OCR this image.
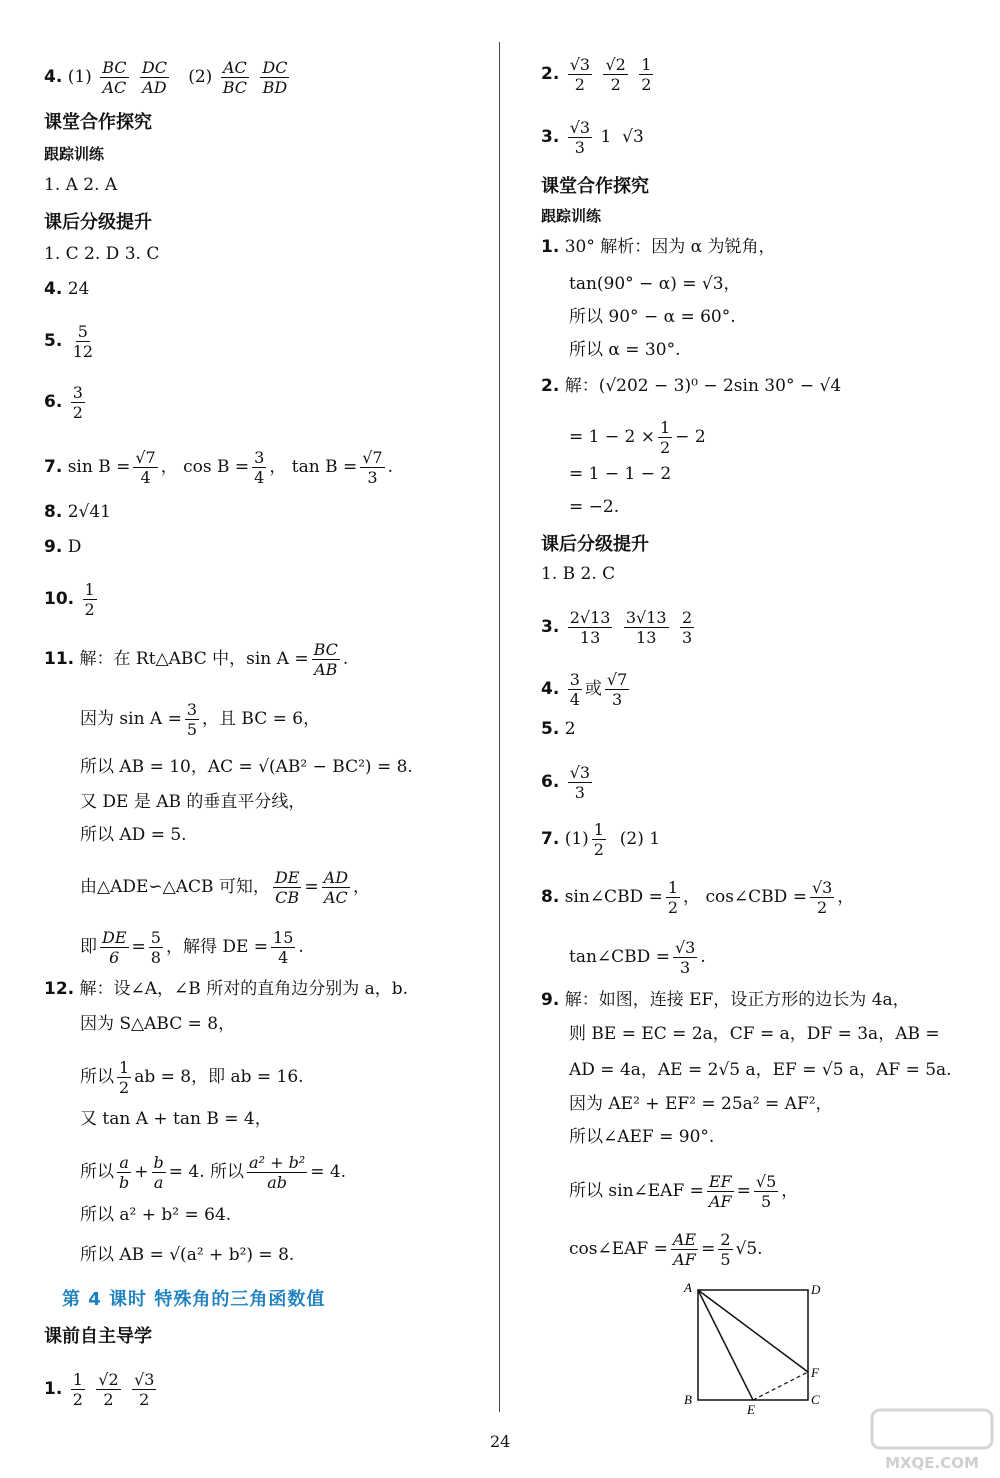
4. $(1) \frac{BC}{AC}$
$\frac{DC}{AD} (2) \frac{AC}{BC}$
$\frac{DC}{BD}$
课堂合作探究
跟踪训练
1. A 2. A
课后分级提升
1. C 2. D 3. C
4. 24
5. $\frac{5}{12}$
6. $\frac{3}{2}$
7. $\sin B = \frac{√7}{4}$ ， $\cos B = \frac{3}{4}$ ， $\tan B = \frac{√7}{3}$ .
8. 2√41
9. D
10. $\frac{1}{2}$
11. 解：在 Rt△ABC 中，$\sin A = \frac{BC}{AB}$ .
因为 $\sin A = \frac{3}{5}$ ，且 BC = 6，
所以 AB = 10，AC = √(AB² − BC²) = 8.
又 DE 是 AB 的垂直平分线，
所以 AD = 5.
由△ADE∽△ACB 可知， $\frac{DE}{CB} = \frac{AD}{AC}$ ，
即 $\frac{DE}{6} = \frac{5}{8}$ ，解得 DE = $\frac{15}{4}$ .
12. 解：设∠A，∠B 所对的直角边分别为 a，b.
因为 S△ABC = 8，
所以 $\frac{1}{2}$ ab = 8，即 ab = 16.
又 tan A + tan B = 4，
所以 $\frac{a}{b} + \frac{b}{a} = 4$. 所以 $\frac{\text{a² + b²}}{ab} = 4$.
所以 a² + b² = 64.
所以 AB = √(a² + b²) = 8.
第 4 课时 特殊角的三角函数值
课前自主导学
1. $\frac{1}{2}$
$\frac{√2}{2}$
$\frac{√3}{2}$
2. $\frac{√3}{2}$
$\frac{√2}{2}$
$\frac{1}{2}$
3. $\frac{√3}{3} 1$ √3
课堂合作探究
跟踪训练
1. 30° 解析：因为 α 为锐角，
tan(90° − α) = √3，
所以 90° − α = 60°.
所以 α = 30°.
2. 解：(√202 − 3)⁰ − 2sin 30° − √4
= $1 - 2 \times \frac{1}{2} - 2$
= 1 − 1 − 2
= −2.
课后分级提升
1. B 2. C
3. $\frac{2√13}{13}$
$\frac{3√13}{13}$
$\frac{2}{3}$
4. $\frac{3}{4}$ 或 $\frac{√7}{3}$
5. 2
6. $\frac{√3}{3}$
7. $(1) \frac{1}{2} (2)$ 1
8. sin∠CBD = $\frac{1}{2}$ ， cos∠CBD = $\frac{√3}{2}$ ，
tan∠CBD = $\frac{√3}{3}$ .
9. 解：如图，连接 EF，设正方形的边长为 4a，
则 BE = EC = 2a，CF = a，DF = 3a，AB =
AD = 4a，AE = 2√5 a，EF = √5 a，AF = 5a.
因为 AE² + EF² = 25a² = AF²，
所以∠AEF = 90°.
所以 sin∠EAF = $\frac{EF}{AF} = \frac{√5}{5}$ ，
cos∠EAF = $\frac{AE}{AF} = \frac{2}{5} √5$.
A	D
B	C
E
F
24
MXQE.COM
